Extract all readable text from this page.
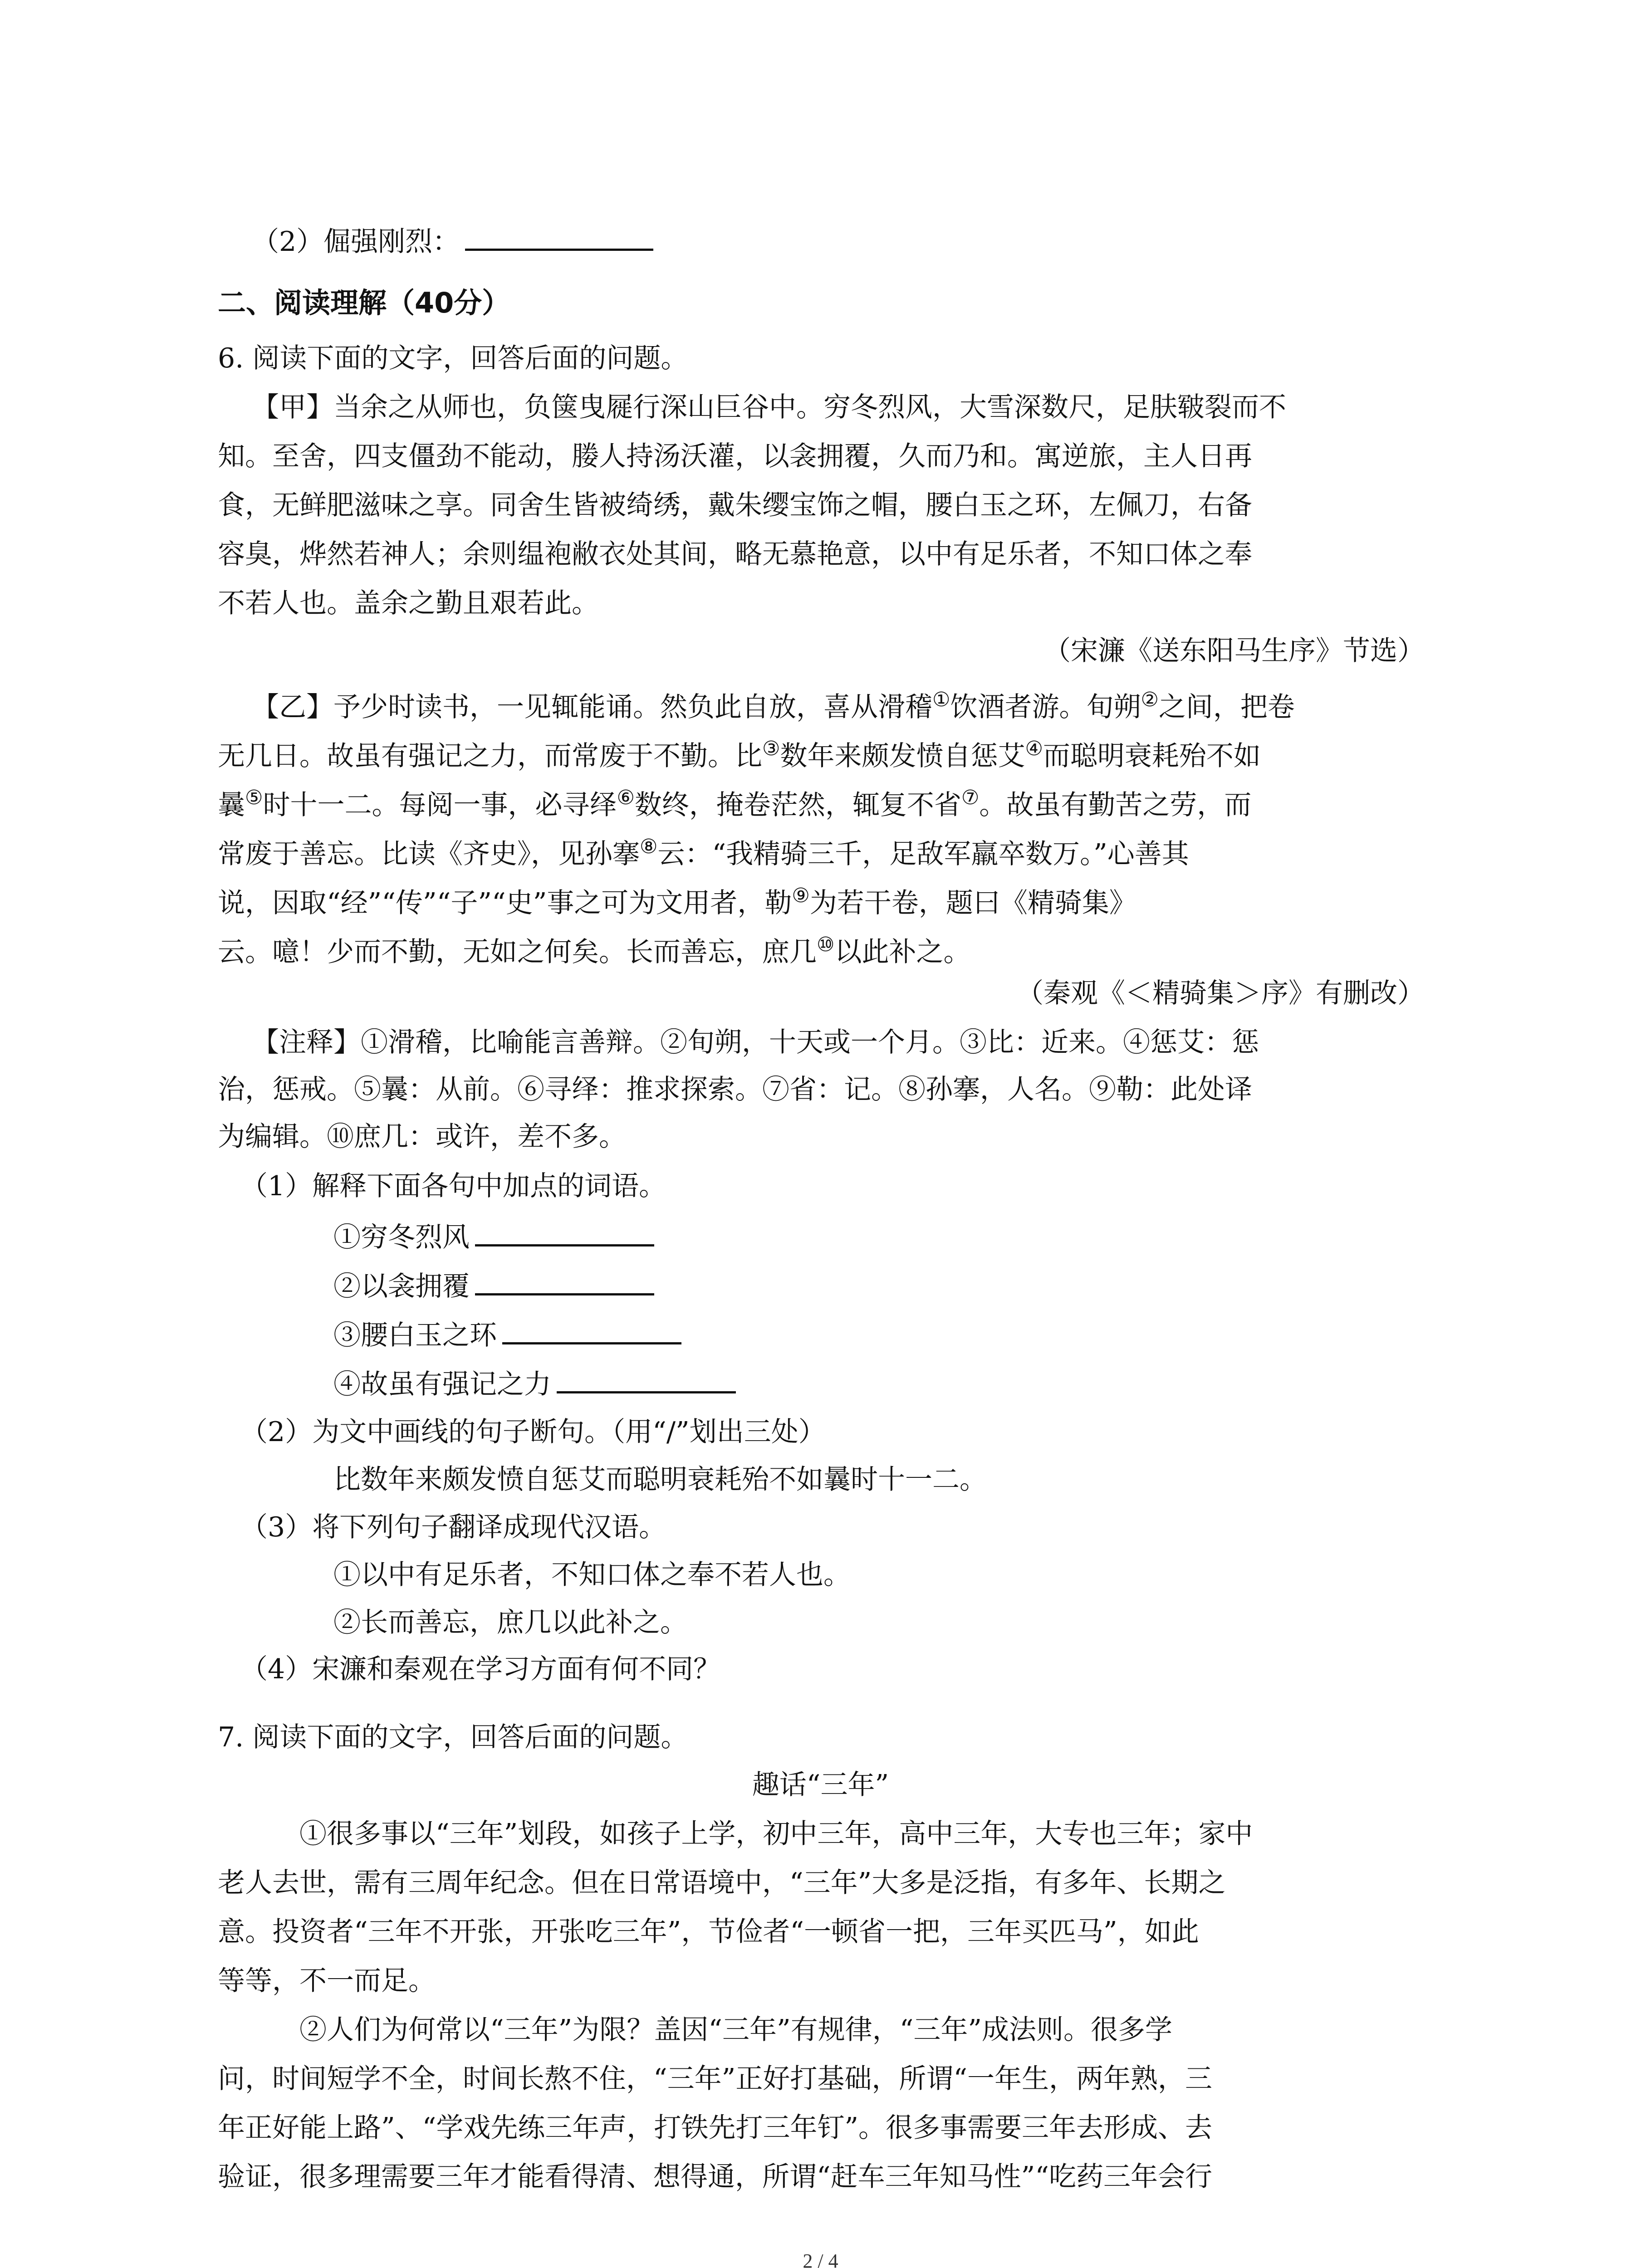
（2）倔强刚烈：
二、阅读理解（40分）
6. 阅读下面的文字，回答后面的问题。
【甲】当余之从师也，负箧曳屣行深山巨谷中。穷冬烈风，大雪深数尺，足肤皲裂而不
知。至舍，四支僵劲不能动，媵人持汤沃灌，以衾拥覆，久而乃和。寓逆旅，主人日再
食，无鲜肥滋味之享。同舍生皆被绮绣，戴朱缨宝饰之帽，腰白玉之环，左佩刀，右备
容臭，烨然若神人；余则缊袍敝衣处其间，略无慕艳意，以中有足乐者，不知口体之奉
不若人也。盖余之勤且艰若此。
（宋濂《送东阳马生序》节选）
【乙】予少时读书，一见辄能诵。然负此自放，喜从滑稽①饮酒者游。旬朔②之间，把卷
无几日。故虽有强记之力，而常废于不勤。比③数年来颇发愤自惩艾④而聪明衰耗殆不如
曩⑤时十一二。每阅一事，必寻绎⑥数终，掩卷茫然，辄复不省⑦。故虽有勤苦之劳，而
常废于善忘。比读《齐史》，见孙搴⑧云：“我精骑三千，足敌军羸卒数万。”心善其
说，因取“经”“传”“子”“史”事之可为文用者，勒⑨为若干卷，题曰《精骑集》
云。噫！少而不勤，无如之何矣。长而善忘，庶几⑩以此补之。
（秦观《＜精骑集＞序》有删改）
【注释】①滑稽，比喻能言善辩。②旬朔，十天或一个月。③比：近来。④惩艾：惩
治，惩戒。⑤曩：从前。⑥寻绎：推求探索。⑦省：记。⑧孙搴，人名。⑨勒：此处译
为编辑。⑩庶几：或许，差不多。
（1）解释下面各句中加点的词语。
①穷冬烈风
②以衾拥覆
③腰白玉之环
④故虽有强记之力
（2）为文中画线的句子断句。（用“/”划出三处）
比数年来颇发愤自惩艾而聪明衰耗殆不如曩时十一二。
（3）将下列句子翻译成现代汉语。
①以中有足乐者，不知口体之奉不若人也。
②长而善忘，庶几以此补之。
（4）宋濂和秦观在学习方面有何不同？
7. 阅读下面的文字，回答后面的问题。
趣话“三年”
①很多事以“三年”划段，如孩子上学，初中三年，高中三年，大专也三年；家中
老人去世，需有三周年纪念。但在日常语境中，“三年”大多是泛指，有多年、长期之
意。投资者“三年不开张，开张吃三年”，节俭者“一顿省一把，三年买匹马”，如此
等等，不一而足。
②人们为何常以“三年”为限？盖因“三年”有规律，“三年”成法则。很多学
问，时间短学不全，时间长熬不住，“三年”正好打基础，所谓“一年生，两年熟，三
年正好能上路”、“学戏先练三年声，打铁先打三年钉”。很多事需要三年去形成、去
验证，很多理需要三年才能看得清、想得通，所谓“赶车三年知马性”“吃药三年会行
2 / 4
